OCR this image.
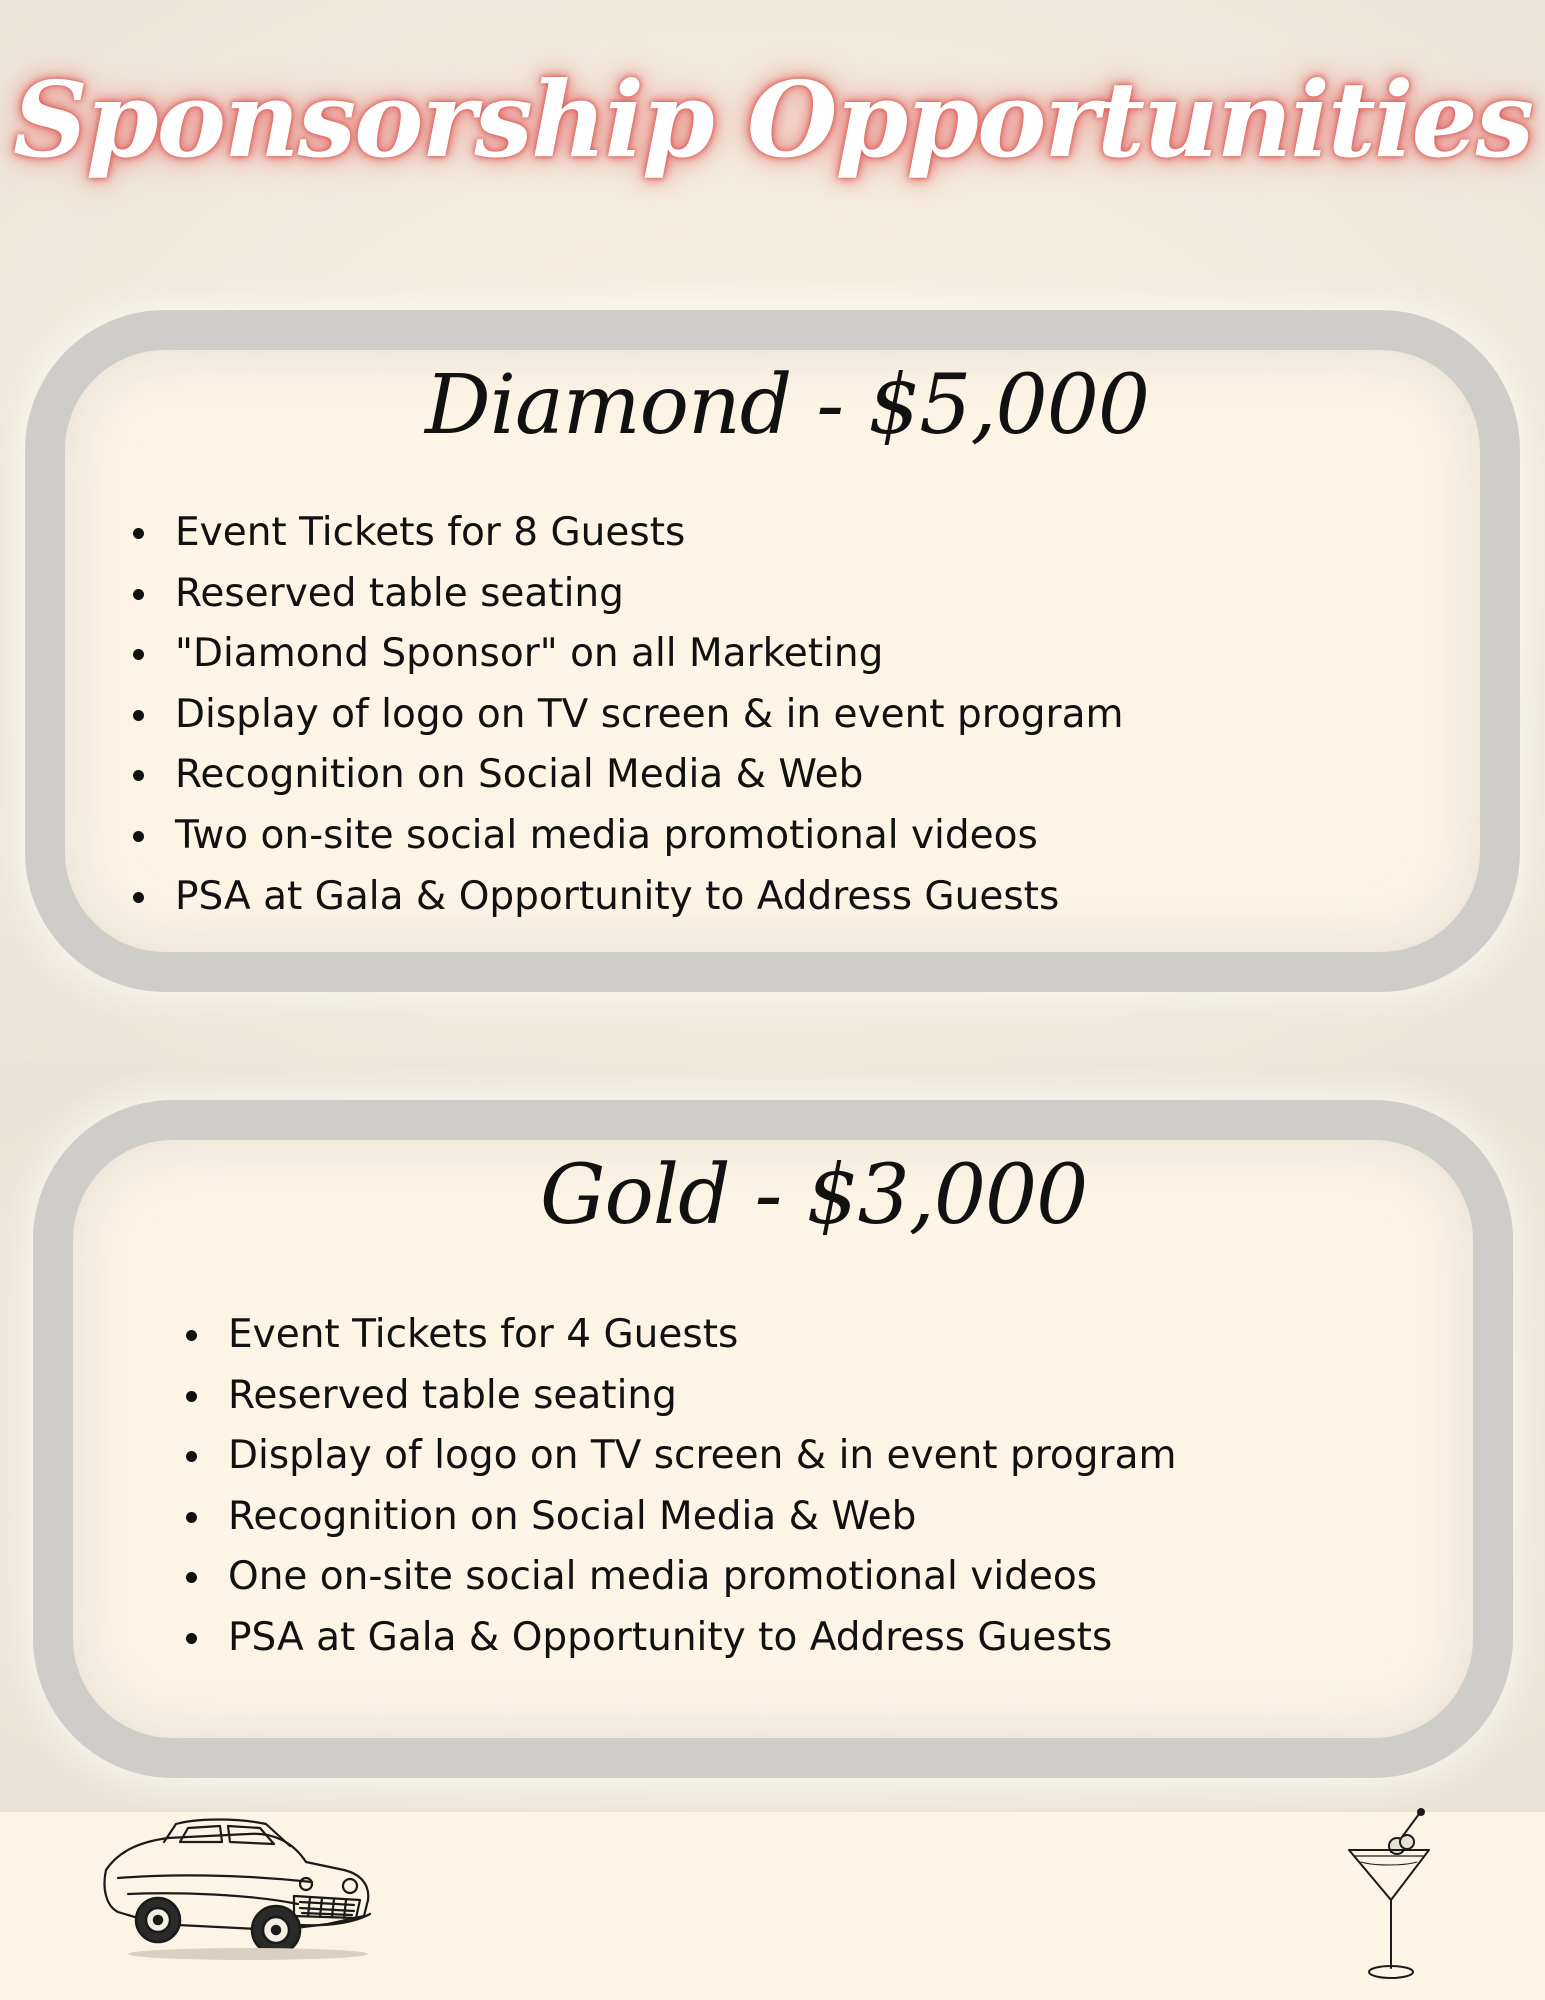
Sponsorship Opportunities
Diamond - $5,000
Event Tickets for 8 Guests
Reserved table seating
"Diamond Sponsor" on all Marketing
Display of logo on TV screen & in event program
Recognition on Social Media & Web
Two on-site social media promotional videos
PSA at Gala & Opportunity to Address Guests
Gold - $3,000
Event Tickets for 4 Guests
Reserved table seating
Display of logo on TV screen & in event program
Recognition on Social Media & Web
One on-site social media promotional videos
PSA at Gala & Opportunity to Address Guests
